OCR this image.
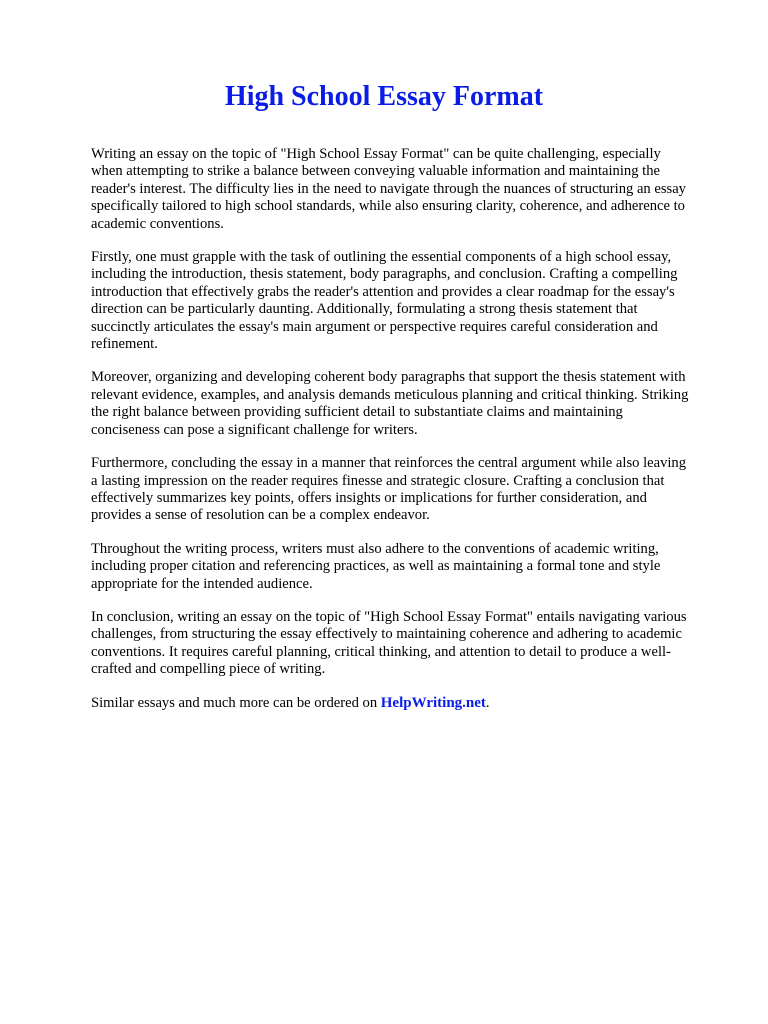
High School Essay Format

Writing an essay on the topic of "High School Essay Format" can be quite challenging, especially when attempting to strike a balance between conveying valuable information and maintaining the reader's interest. The difficulty lies in the need to navigate through the nuances of structuring an essay specifically tailored to high school standards, while also ensuring clarity, coherence, and adherence to academic conventions.

Firstly, one must grapple with the task of outlining the essential components of a high school essay, including the introduction, thesis statement, body paragraphs, and conclusion. Crafting a compelling introduction that effectively grabs the reader's attention and provides a clear roadmap for the essay's direction can be particularly daunting. Additionally, formulating a strong thesis statement that succinctly articulates the essay's main argument or perspective requires careful consideration and refinement.

Moreover, organizing and developing coherent body paragraphs that support the thesis statement with relevant evidence, examples, and analysis demands meticulous planning and critical thinking. Striking the right balance between providing sufficient detail to substantiate claims and maintaining conciseness can pose a significant challenge for writers.

Furthermore, concluding the essay in a manner that reinforces the central argument while also leaving a lasting impression on the reader requires finesse and strategic closure. Crafting a conclusion that effectively summarizes key points, offers insights or implications for further consideration, and provides a sense of resolution can be a complex endeavor.

Throughout the writing process, writers must also adhere to the conventions of academic writing, including proper citation and referencing practices, as well as maintaining a formal tone and style appropriate for the intended audience.

In conclusion, writing an essay on the topic of "High School Essay Format" entails navigating various challenges, from structuring the essay effectively to maintaining coherence and adhering to academic conventions. It requires careful planning, critical thinking, and attention to detail to produce a well-crafted and compelling piece of writing.

Similar essays and much more can be ordered on HelpWriting.net.
